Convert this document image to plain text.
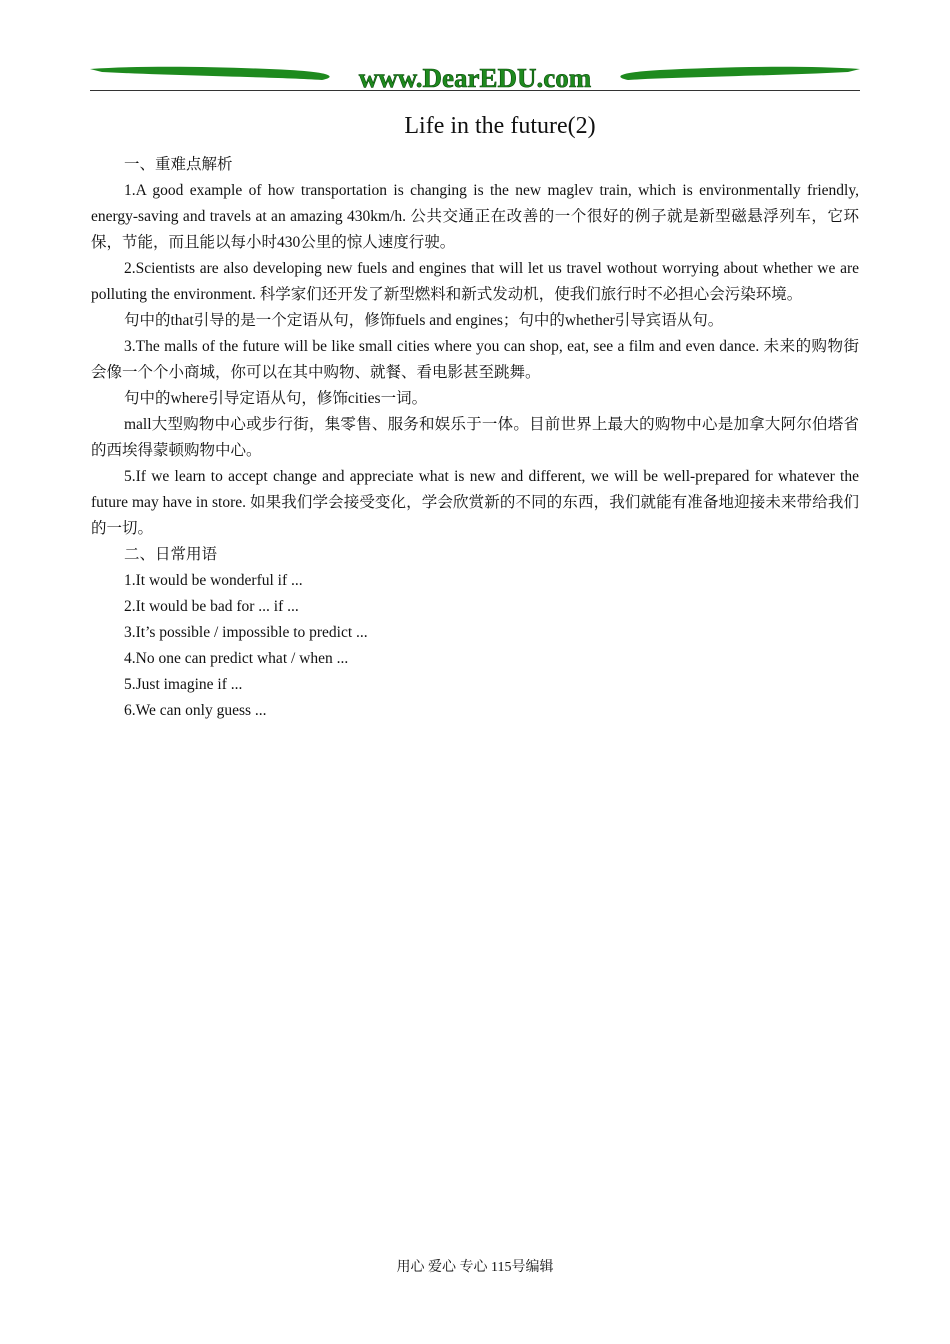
www.DearEDU.com
Life in the future(2)

一、重难点解析

1.A good example of how transportation is changing is the new maglev train, which is environmentally friendly, energy-saving and travels at an amazing 430km/h. 公共交通正在改善的一个很好的例子就是新型磁悬浮列车，它环保，节能，而且能以每小时430公里的惊人速度行驶。

2.Scientists are also developing new fuels and engines that will let us travel wothout worrying about whether we are polluting the environment. 科学家们还开发了新型燃料和新式发动机，使我们旅行时不必担心会污染环境。

句中的that引导的是一个定语从句，修饰fuels and engines；句中的whether引导宾语从句。

3.The malls of the future will be like small cities where you can shop, eat, see a film and even dance. 未来的购物街会像一个个小商城，你可以在其中购物、就餐、看电影甚至跳舞。

句中的where引导定语从句，修饰cities一词。

mall大型购物中心或步行街，集零售、服务和娱乐于一体。目前世界上最大的购物中心是加拿大阿尔伯塔省的西埃得蒙顿购物中心。

5.If we learn to accept change and appreciate what is new and different, we will be well-prepared for whatever the future may have in store. 如果我们学会接受变化，学会欣赏新的不同的东西，我们就能有准备地迎接未来带给我们的一切。

二、日常用语

1.It would be wonderful if ...

2.It would be bad for ... if ...

3.It’s possible / impossible to predict ...

4.No one can predict what / when ...

5.Just imagine if ...

6.We can only guess ...

用心 爱心 专心 115号编辑
